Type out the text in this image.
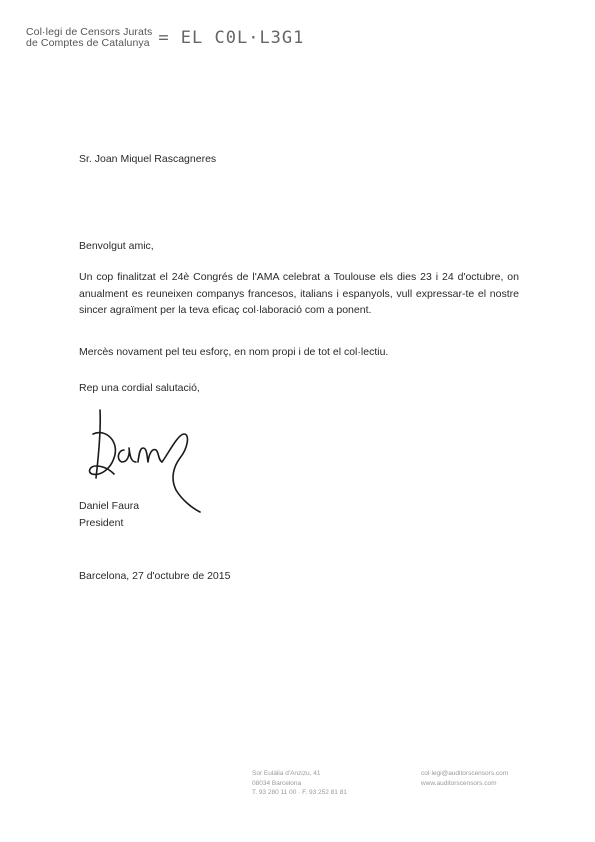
Col·legi de Censors Jurats
de Comptes de Catalunya = EL C0L·L3G1
Sr. Joan Miquel Rascagneres
Benvolgut amic,
Un cop finalitzat el 24è Congrés de l'AMA celebrat a Toulouse els dies 23 i 24 d'octubre, on anualment es reuneixen companys francesos, italians i espanyols, vull expressar-te el nostre sincer agraïment per la teva eficaç col·laboració com a ponent.
Mercès novament pel teu esforç, en nom propi i de tot el col·lectiu.
Rep una cordial salutació,
Daniel Faura
President
Barcelona, 27 d'octubre de 2015
Sor Eulàlia d'Anzizu, 41
08034 Barcelona
T. 93 280 11 00 · F. 93 252 81 81
col·legi@auditorscensors.com
www.auditorscensors.com
